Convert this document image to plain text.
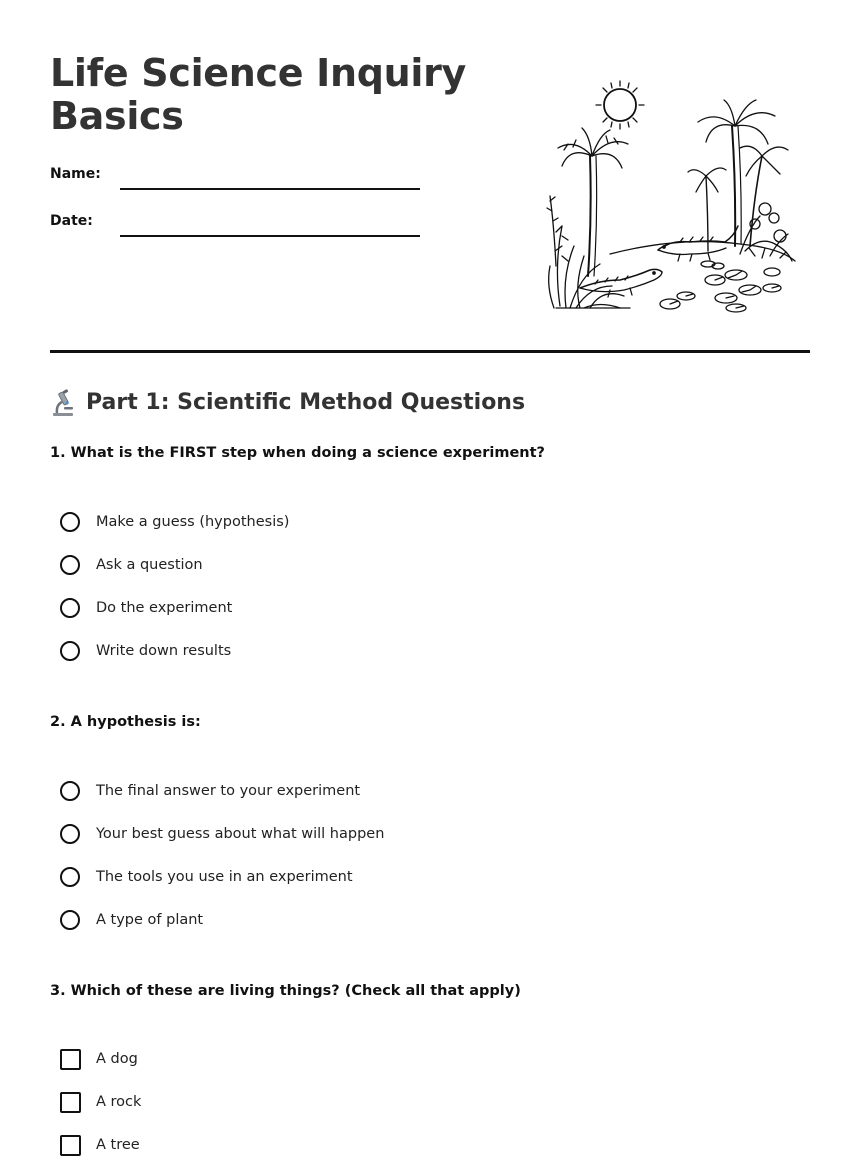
Life Science Inquiry
Basics
Name:
Date:
Part 1: Scientific Method Questions

1. What is the FIRST step when doing a science experiment?

Make a guess (hypothesis)
Ask a question
Do the experiment
Write down results

2. A hypothesis is:

The final answer to your experiment
Your best guess about what will happen
The tools you use in an experiment
A type of plant

3. Which of these are living things? (Check all that apply)

A dog
A rock
A tree
